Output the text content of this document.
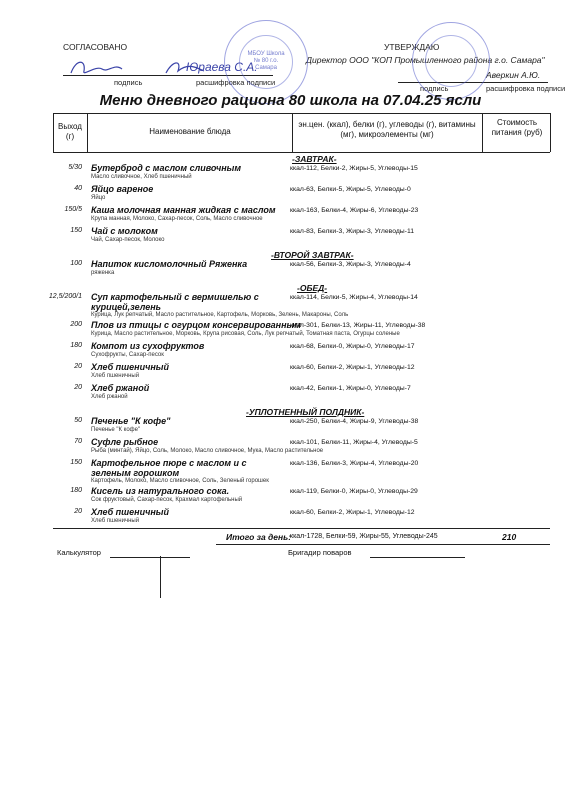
СОГЛАСОВАНО
Юраева С.А.
подпись	расшифровка подписи
УТВЕРЖДАЮ
Директор ООО "КОП Промышленного района г.о. Самара"
Аверкин А.Ю.
подпись	расшифровка подписи
МБОУ Школа № 80 г.о. Самара
Меню дневного рациона 80 школа на 07.04.25 ясли
Выход (г)
Наименование блюда
эн.цен. (ккал), белки (г), углеводы (г), витамины (мг), микроэлементы (мг)
Стоимость питания (руб)
-ЗАВТРАК-
5/30 Бутерброд с маслом сливочным	ккал-112, Белки-2, Жиры-5, Углеводы-15
Масло сливочное, Хлеб пшеничный
40 Яйцо вареное	ккал-63, Белки-5, Жиры-5, Углеводы-0
Яйцо
150/5 Каша молочная манная жидкая с маслом ккал-163, Белки-4, Жиры-6, Углеводы-23
Крупа манная, Молоко, Сахар-песок, Соль, Масло сливочное
150 Чай с молоком	ккал-83, Белки-3, Жиры-3, Углеводы-11
Чай, Сахар-песок, Молоко
-ВТОРОЙ ЗАВТРАК-
100 Напиток кисломолочный Ряженка	ккал-56, Белки-3, Жиры-3, Углеводы-4
ряженка
-ОБЕД-
12,5/200/1 Суп картофельный с вермишелью с курицей,зелень
ккал-114, Белки-5, Жиры-4, Углеводы-14
Курица, Лук репчатый, Масло растительное, Картофель, Морковь, Зелень, Макароны, Соль
200 Плов из птицы с огурцом консервированным
ккал-301, Белки-13, Жиры-11, Углеводы-38
Курица, Масло растительное, Морковь, Крупа рисовая, Соль, Лук репчатый, Томатная паста, Огурцы соленые
180 Компот из сухофруктов	ккал-68, Белки-0, Жиры-0, Углеводы-17
Сухофрукты, Сахар-песок
20 Хлеб пшеничный	ккал-60, Белки-2, Жиры-1, Углеводы-12
Хлеб пшеничный
20 Хлеб ржаной	ккал-42, Белки-1, Жиры-0, Углеводы-7
Хлеб ржаной
-УПЛОТНЕННЫЙ ПОЛДНИК-
50 Печенье "К кофе"	ккал-250, Белки-4, Жиры-9, Углеводы-38
Печенье "К кофе"
70 Суфле рыбное	ккал-101, Белки-11, Жиры-4, Углеводы-5
Рыба (минтай), Яйцо, Соль, Молоко, Масло сливочное, Мука, Масло растительное
150 Картофельное пюре с маслом и с зеленым горошком
ккал-136, Белки-3, Жиры-4, Углеводы-20
Картофель, Молоко, Масло сливочное, Соль, Зеленый горошек
180 Кисель из натурального сока.	ккал-119, Белки-0, Жиры-0, Углеводы-29
Сок фруктовый, Сахар-песок, Крахмал картофельный
20 Хлеб пшеничный	ккал-60, Белки-2, Жиры-1, Углеводы-12
Хлеб пшеничный
Итого за день:
ккал-1728, Белки-59, Жиры-55, Углеводы-245	210
Калькулятор	Бригадир поваров
